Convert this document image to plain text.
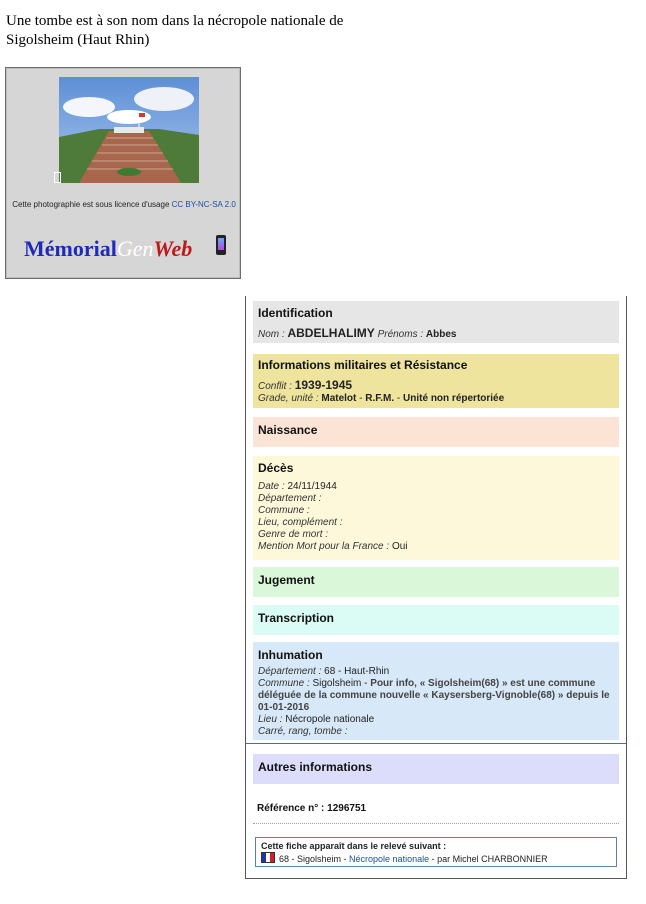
Une tombe est à son nom dans la nécropole nationale de Sigolsheim (Haut Rhin)
Cette photographie est sous licence d'usage CC BY-NC-SA 2.0
MémorialGenWeb
Identification
Nom : ABDELHALIMY Prénoms : Abbes
Informations militaires et Résistance
Conflit : 1939-1945
Grade, unité : Matelot - R.F.M. - Unité non répertoriée
Naissance
Décès
Date : 24/11/1944
Département :
Commune :
Lieu, complément :
Genre de mort :
Mention Mort pour la France : Oui
Jugement
Transcription
Inhumation
Département : 68 - Haut-Rhin
Commune : Sigolsheim - Pour info, « Sigolsheim(68) » est une commune déléguée de la commune nouvelle « Kaysersberg-Vignoble(68) » depuis le 01-01-2016
Lieu : Nécropole nationale
Carré, rang, tombe :
Autres informations
Référence n° : 1296751
Cette fiche apparaît dans le relevé suivant :
68 - Sigolsheim - Nécropole nationale - par Michel CHARBONNIER
